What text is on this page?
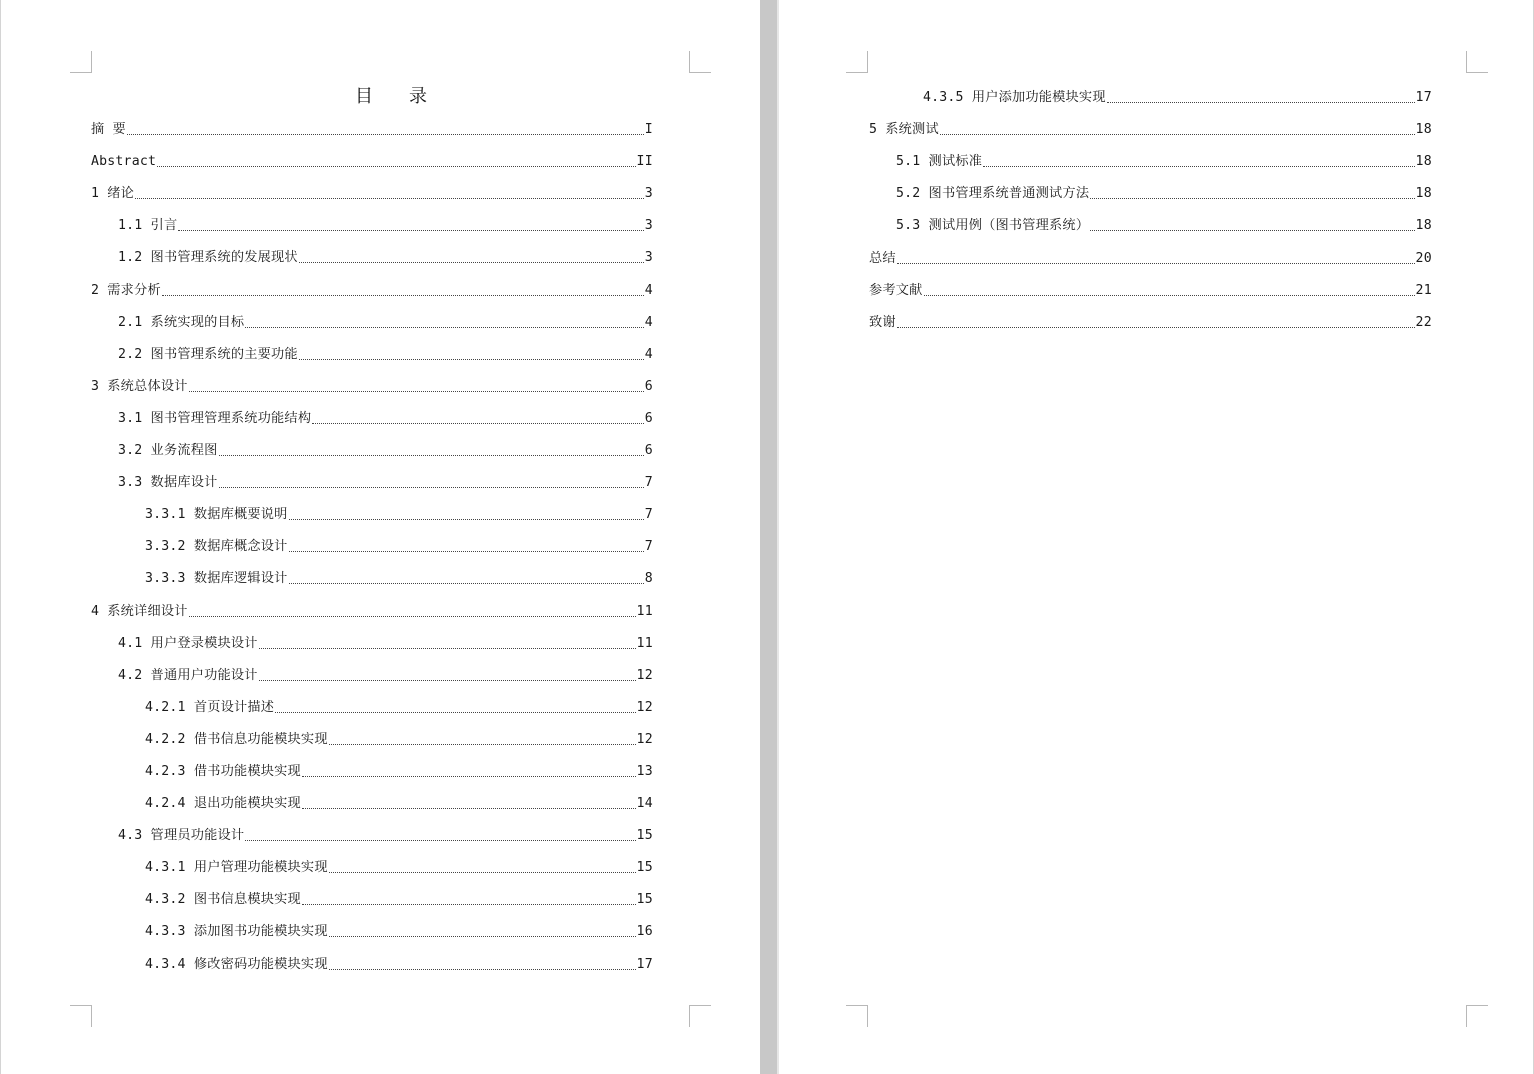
目 录
摘 要	I
Abstract	II
1 绪论	3
1.1 引言	3
1.2 图书管理系统的发展现状	3
2 需求分析	4
2.1 系统实现的目标	4
2.2 图书管理系统的主要功能	4
3 系统总体设计	6
3.1 图书管理管理系统功能结构	6
3.2 业务流程图	6
3.3 数据库设计	7
3.3.1 数据库概要说明	7
3.3.2 数据库概念设计	7
3.3.3 数据库逻辑设计	8
4 系统详细设计	11
4.1 用户登录模块设计	11
4.2 普通用户功能设计	12
4.2.1 首页设计描述	12
4.2.2 借书信息功能模块实现	12
4.2.3 借书功能模块实现	13
4.2.4 退出功能模块实现	14
4.3 管理员功能设计	15
4.3.1 用户管理功能模块实现	15
4.3.2 图书信息模块实现	15
4.3.3 添加图书功能模块实现	16
4.3.4 修改密码功能模块实现	17
4.3.5 用户添加功能模块实现	17
5 系统测试	18
5.1 测试标准	18
5.2 图书管理系统普通测试方法	18
5.3 测试用例（图书管理系统）	18
总结	20
参考文献	21
致谢	22
